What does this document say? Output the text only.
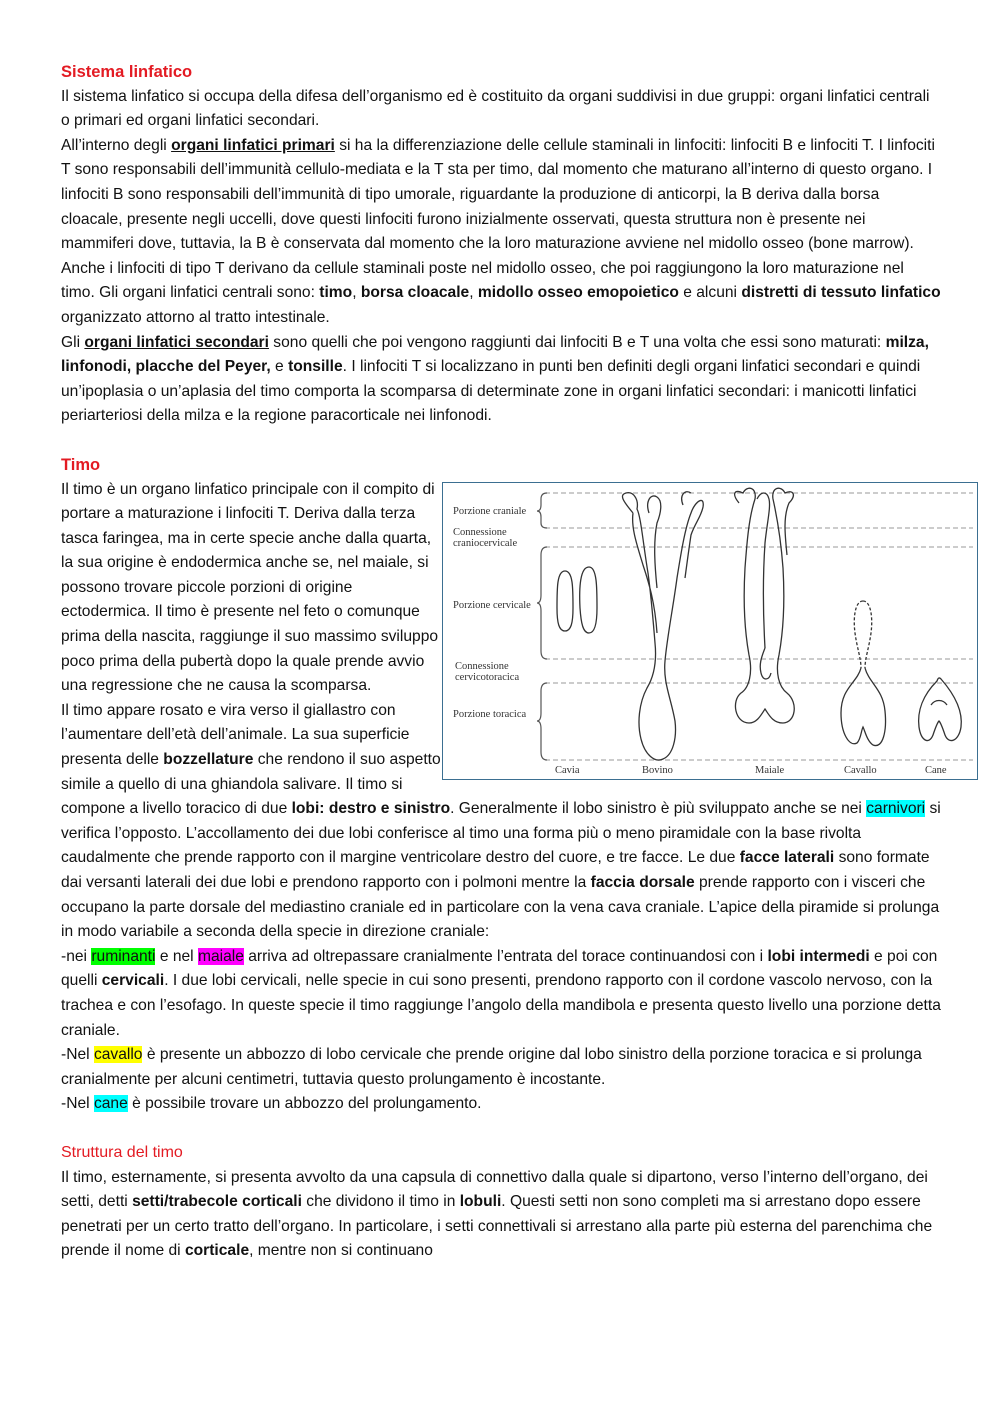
Sistema linfatico

Il sistema linfatico si occupa della difesa dell’organismo ed è costituito da organi suddivisi in due gruppi: organi linfatici centrali o primari ed organi linfatici secondari.

All’interno degli organi linfatici primari si ha la differenziazione delle cellule staminali in linfociti: linfociti B e linfociti T. I linfociti T sono responsabili dell’immunità cellulo-mediata e la T sta per timo, dal momento che maturano all’interno di questo organo. I linfociti B sono responsabili dell’immunità di tipo umorale, riguardante la produzione di anticorpi, la B deriva dalla borsa cloacale, presente negli uccelli, dove questi linfociti furono inizialmente osservati, questa struttura non è presente nei mammiferi dove, tuttavia, la B è conservata dal momento che la loro maturazione avviene nel midollo osseo (bone marrow). Anche i linfociti di tipo T derivano da cellule staminali poste nel midollo osseo, che poi raggiungono la loro maturazione nel timo. Gli organi linfatici centrali sono: timo, borsa cloacale, midollo osseo emopoietico e alcuni distretti di tessuto linfatico organizzato attorno al tratto intestinale.

Gli organi linfatici secondari sono quelli che poi vengono raggiunti dai linfociti B e T una volta che essi sono maturati: milza, linfonodi, placche del Peyer, e tonsille. I linfociti T si localizzano in punti ben definiti degli organi linfatici secondari e quindi un’ipoplasia o un’aplasia del timo comporta la scomparsa di determinate zone in organi linfatici secondari: i manicotti linfatici periarteriosi della milza e la regione paracorticale nei linfonodi.

Timo

Porzione craniale
Connessione
craniocervicale
Porzione cervicale
Connessione
cervicotoracica
Porzione toracica
Cavia	Bovino	Maiale	Cavallo	Cane

Il timo è un organo linfatico principale con il compito di portare a maturazione i linfociti T. Deriva dalla terza tasca faringea, ma in certe specie anche dalla quarta, la sua origine è endodermica anche se, nel maiale, si possono trovare piccole porzioni di origine ectodermica. Il timo è presente nel feto o comunque prima della nascita, raggiunge il suo massimo sviluppo poco prima della pubertà dopo la quale prende avvio una regressione che ne causa la scomparsa.

Il timo appare rosato e vira verso il giallastro con l’aumentare dell’età dell’animale. La sua superficie presenta delle bozzellature che rendono il suo aspetto simile a quello di una ghiandola salivare. Il timo si compone a livello toracico di due lobi: destro e sinistro. Generalmente il lobo sinistro è più sviluppato anche se nei carnivori si verifica l’opposto. L’accollamento dei due lobi conferisce al timo una forma più o meno piramidale con la base rivolta caudalmente che prende rapporto con il margine ventricolare destro del cuore, e tre facce. Le due facce laterali sono formate dai versanti laterali dei due lobi e prendono rapporto con i polmoni mentre la faccia dorsale prende rapporto con i visceri che occupano la parte dorsale del mediastino craniale ed in particolare con la vena cava craniale. L’apice della piramide si prolunga in modo variabile a seconda della specie in direzione craniale:

-nei ruminanti e nel maiale arriva ad oltrepassare cranialmente l’entrata del torace continuandosi con i lobi intermedi e poi con quelli cervicali. I due lobi cervicali, nelle specie in cui sono presenti, prendono rapporto con il cordone vascolo nervoso, con la trachea e con l’esofago. In queste specie il timo raggiunge l’angolo della mandibola e presenta questo livello una porzione detta craniale.

-Nel cavallo è presente un abbozzo di lobo cervicale che prende origine dal lobo sinistro della porzione toracica e si prolunga cranialmente per alcuni centimetri, tuttavia questo prolungamento è incostante.

-Nel cane è possibile trovare un abbozzo del prolungamento.

Struttura del timo

Il timo, esternamente, si presenta avvolto da una capsula di connettivo dalla quale si dipartono, verso l’interno dell’organo, dei setti, detti setti/trabecole corticali che dividono il timo in lobuli. Questi setti non sono completi ma si arrestano dopo essere penetrati per un certo tratto dell’organo. In particolare, i setti connettivali si arrestano alla parte più esterna del parenchima che prende il nome di corticale, mentre non si continuano
